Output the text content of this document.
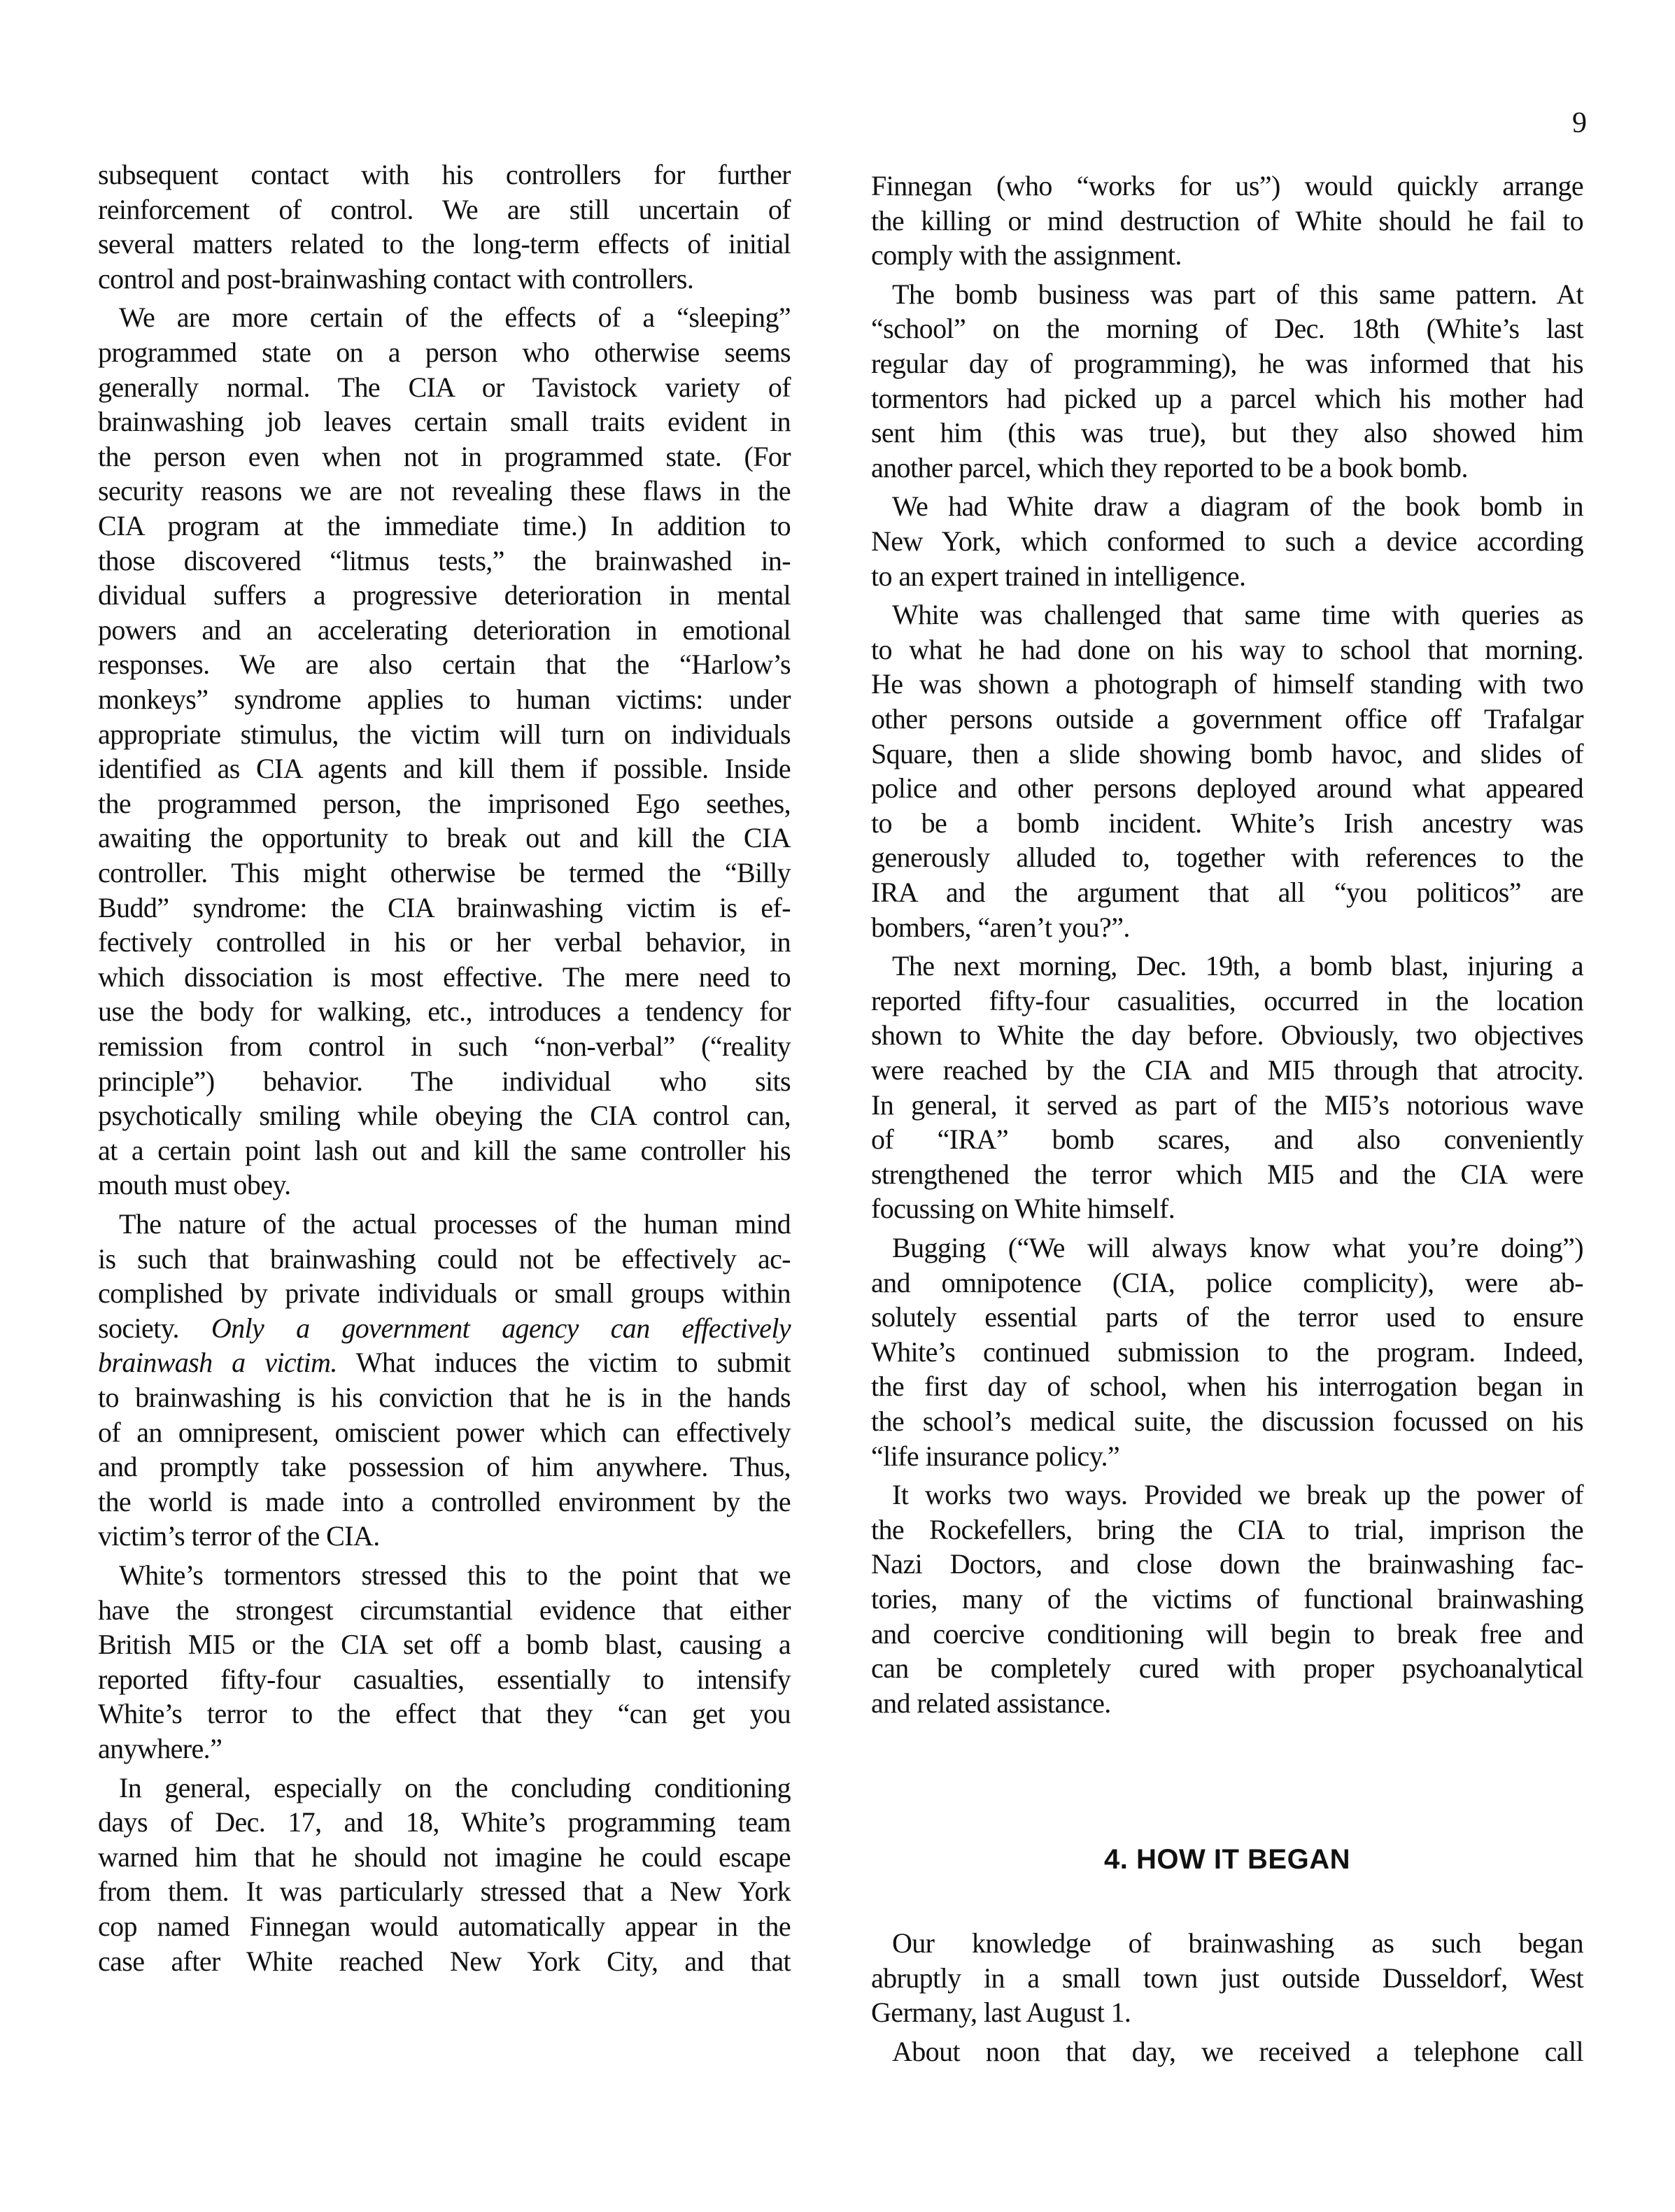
9
subsequent contact with his controllers for further
reinforcement of control. We are still uncertain of
several matters related to the long-term effects of initial
control and post-brainwashing contact with controllers.
We are more certain of the effects of a “sleeping”
programmed state on a person who otherwise seems
generally normal. The CIA or Tavistock variety of
brainwashing job leaves certain small traits evident in
the person even when not in programmed state. (For
security reasons we are not revealing these flaws in the
CIA program at the immediate time.) In addition to
those discovered “litmus tests,” the brainwashed in-
dividual suffers a progressive deterioration in mental
powers and an accelerating deterioration in emotional
responses. We are also certain that the “Harlow’s
monkeys” syndrome applies to human victims: under
appropriate stimulus, the victim will turn on individuals
identified as CIA agents and kill them if possible. Inside
the programmed person, the imprisoned Ego seethes,
awaiting the opportunity to break out and kill the CIA
controller. This might otherwise be termed the “Billy
Budd” syndrome: the CIA brainwashing victim is ef-
fectively controlled in his or her verbal behavior, in
which dissociation is most effective. The mere need to
use the body for walking, etc., introduces a tendency for
remission from control in such “non-verbal” (“reality
principle”) behavior. The individual who sits
psychotically smiling while obeying the CIA control can,
at a certain point lash out and kill the same controller his
mouth must obey.
The nature of the actual processes of the human mind
is such that brainwashing could not be effectively ac-
complished by private individuals or small groups within
society. Only a government agency can effectively
brainwash a victim. What induces the victim to submit
to brainwashing is his conviction that he is in the hands
of an omnipresent, omiscient power which can effectively
and promptly take possession of him anywhere. Thus,
the world is made into a controlled environment by the
victim’s terror of the CIA.
White’s tormentors stressed this to the point that we
have the strongest circumstantial evidence that either
British MI5 or the CIA set off a bomb blast, causing a
reported fifty-four casualties, essentially to intensify
White’s terror to the effect that they “can get you
anywhere.”
In general, especially on the concluding conditioning
days of Dec. 17, and 18, White’s programming team
warned him that he should not imagine he could escape
from them. It was particularly stressed that a New York
cop named Finnegan would automatically appear in the
case after White reached New York City, and that
Finnegan (who “works for us”) would quickly arrange
the killing or mind destruction of White should he fail to
comply with the assignment.
The bomb business was part of this same pattern. At
“school” on the morning of Dec. 18th (White’s last
regular day of programming), he was informed that his
tormentors had picked up a parcel which his mother had
sent him (this was true), but they also showed him
another parcel, which they reported to be a book bomb.
We had White draw a diagram of the book bomb in
New York, which conformed to such a device according
to an expert trained in intelligence.
White was challenged that same time with queries as
to what he had done on his way to school that morning.
He was shown a photograph of himself standing with two
other persons outside a government office off Trafalgar
Square, then a slide showing bomb havoc, and slides of
police and other persons deployed around what appeared
to be a bomb incident. White’s Irish ancestry was
generously alluded to, together with references to the
IRA and the argument that all “you politicos” are
bombers, “aren’t you?”.
The next morning, Dec. 19th, a bomb blast, injuring a
reported fifty-four casualities, occurred in the location
shown to White the day before. Obviously, two objectives
were reached by the CIA and MI5 through that atrocity.
In general, it served as part of the MI5’s notorious wave
of “IRA” bomb scares, and also conveniently
strengthened the terror which MI5 and the CIA were
focussing on White himself.
Bugging (“We will always know what you’re doing”)
and omnipotence (CIA, police complicity), were ab-
solutely essential parts of the terror used to ensure
White’s continued submission to the program. Indeed,
the first day of school, when his interrogation began in
the school’s medical suite, the discussion focussed on his
“life insurance policy.”
It works two ways. Provided we break up the power of
the Rockefellers, bring the CIA to trial, imprison the
Nazi Doctors, and close down the brainwashing fac-
tories, many of the victims of functional brainwashing
and coercive conditioning will begin to break free and
can be completely cured with proper psychoanalytical
and related assistance.
Our knowledge of brainwashing as such began
abruptly in a small town just outside Dusseldorf, West
Germany, last August 1.
About noon that day, we received a telephone call
4. HOW IT BEGAN
